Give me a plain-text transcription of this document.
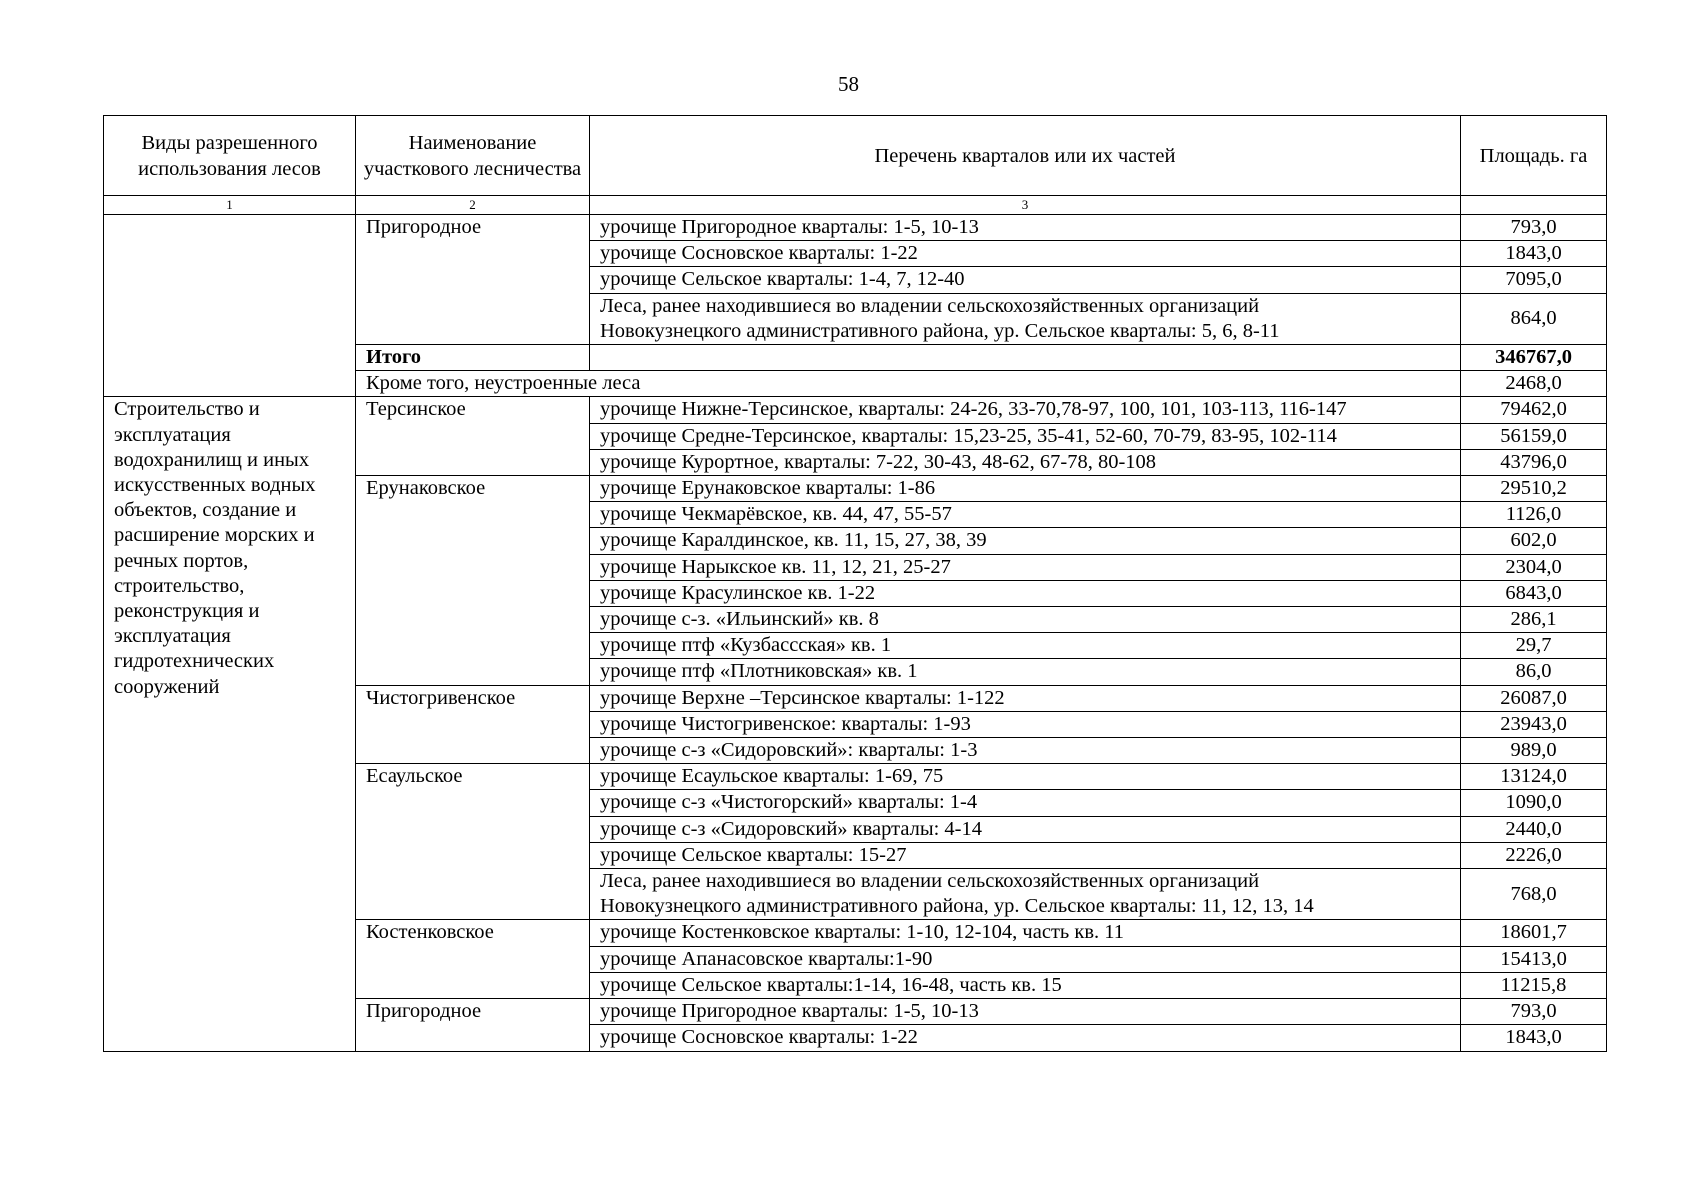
58
Виды разрешенного использования лесов	Наименование участкового лесничества	Перечень кварталов или их частей	Площадь. га
1	2	3	
	Пригородное	урочище Пригородное кварталы: 1-5, 10-13	793,0
		урочище Сосновское кварталы: 1-22	1843,0
		урочище Сельское кварталы: 1-4, 7, 12-40	7095,0

		Леса, ранее находившиеся во владении сельскохозяйственных организаций
Новокузнецкого административного района, ур. Сельское кварталы: 5, 6, 8-11	864,0
	Итого		346767,0
	Кроме того, неустроенные леса		2468,0
Строительство и эксплуатация водохранилищ и иных искусственных водных объектов, создание и расширение морских и речных портов, строительство, реконструкция и эксплуатация гидротехнических сооружений	Терсинское	урочище Нижне-Терсинское, кварталы: 24-26, 33-70,78-97, 100, 101, 103-113, 116-147	79462,0
		урочище Средне-Терсинское, кварталы: 15,23-25, 35-41, 52-60, 70-79, 83-95, 102-114	56159,0
		урочище Курортное, кварталы: 7-22, 30-43, 48-62, 67-78, 80-108	43796,0
	Ерунаковское	урочище Ерунаковское кварталы: 1-86	29510,2
		урочище Чекмарёвское, кв. 44, 47, 55-57	1126,0
		урочище Каралдинское, кв. 11, 15, 27, 38, 39	602,0
		урочище Нарыкское кв. 11, 12, 21, 25-27	2304,0
		урочище Красулинское кв. 1-22	6843,0
		урочище с-з. «Ильинский» кв. 8	286,1
		урочище птф «Кузбассская» кв. 1	29,7
		урочище птф «Плотниковская» кв. 1	86,0
	Чистогривенское	урочище Верхне –Терсинское кварталы: 1-122	26087,0
		урочище Чистогривенское: кварталы: 1-93	23943,0
		урочище с-з «Сидоровский»: кварталы: 1-3	989,0
	Есаульское	урочище Есаульское кварталы: 1-69, 75	13124,0
		урочище с-з «Чистогорский» кварталы: 1-4	1090,0
		урочище с-з «Сидоровский» кварталы: 4-14	2440,0
		урочище Сельское кварталы: 15-27	2226,0

		Леса, ранее находившиеся во владении сельскохозяйственных организаций
Новокузнецкого административного района, ур. Сельское кварталы: 11, 12, 13, 14	768,0
	Костенковское	урочище Костенковское кварталы: 1-10, 12-104, часть кв. 11	18601,7
		урочище Апанасовское кварталы:1-90	15413,0
		урочище Сельское кварталы:1-14, 16-48, часть кв. 15	11215,8
	Пригородное	урочище Пригородное кварталы: 1-5, 10-13	793,0
		урочище Сосновское кварталы: 1-22	1843,0
